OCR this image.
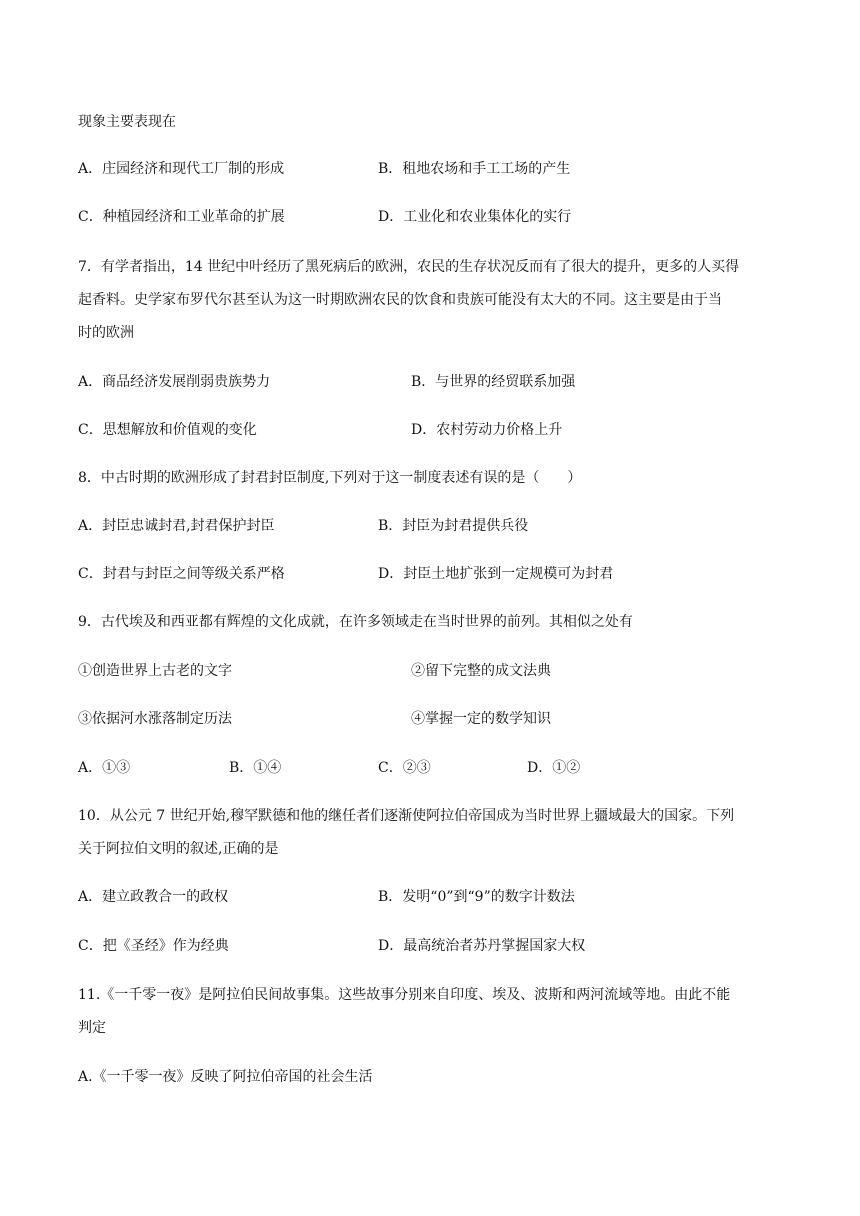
现象主要表现在
A．庄园经济和现代工厂制的形成	B．租地农场和手工工场的产生
C．种植园经济和工业革命的扩展	D．工业化和农业集体化的实行
7．有学者指出，14 世纪中叶经历了黑死病后的欧洲，农民的生存状况反而有了很大的提升，更多的人买得
起香料。史学家布罗代尔甚至认为这一时期欧洲农民的饮食和贵族可能没有太大的不同。这主要是由于当
时的欧洲
A．商品经济发展削弱贵族势力	B．与世界的经贸联系加强
C．思想解放和价值观的变化	D．农村劳动力价格上升
8．中古时期的欧洲形成了封君封臣制度,下列对于这一制度表述有误的是（　　）
A．封臣忠诚封君,封君保护封臣	B．封臣为封君提供兵役
C．封君与封臣之间等级关系严格	D．封臣土地扩张到一定规模可为封君
9．古代埃及和西亚都有辉煌的文化成就，在许多领域走在当时世界的前列。其相似之处有
①创造世界上古老的文字	②留下完整的成文法典
③依据河水涨落制定历法	④掌握一定的数学知识
A．①③	B．①④	C．②③	D．①②
10．从公元 7 世纪开始,穆罕默德和他的继任者们逐渐使阿拉伯帝国成为当时世界上疆域最大的国家。下列
关于阿拉伯文明的叙述,正确的是
A．建立政教合一的政权	B．发明“0”到“9”的数字计数法
C．把《圣经》作为经典	D．最高统治者苏丹掌握国家大权
11.《一千零一夜》是阿拉伯民间故事集。这些故事分别来自印度、埃及、波斯和两河流域等地。由此不能
判定
A.《一千零一夜》反映了阿拉伯帝国的社会生活
